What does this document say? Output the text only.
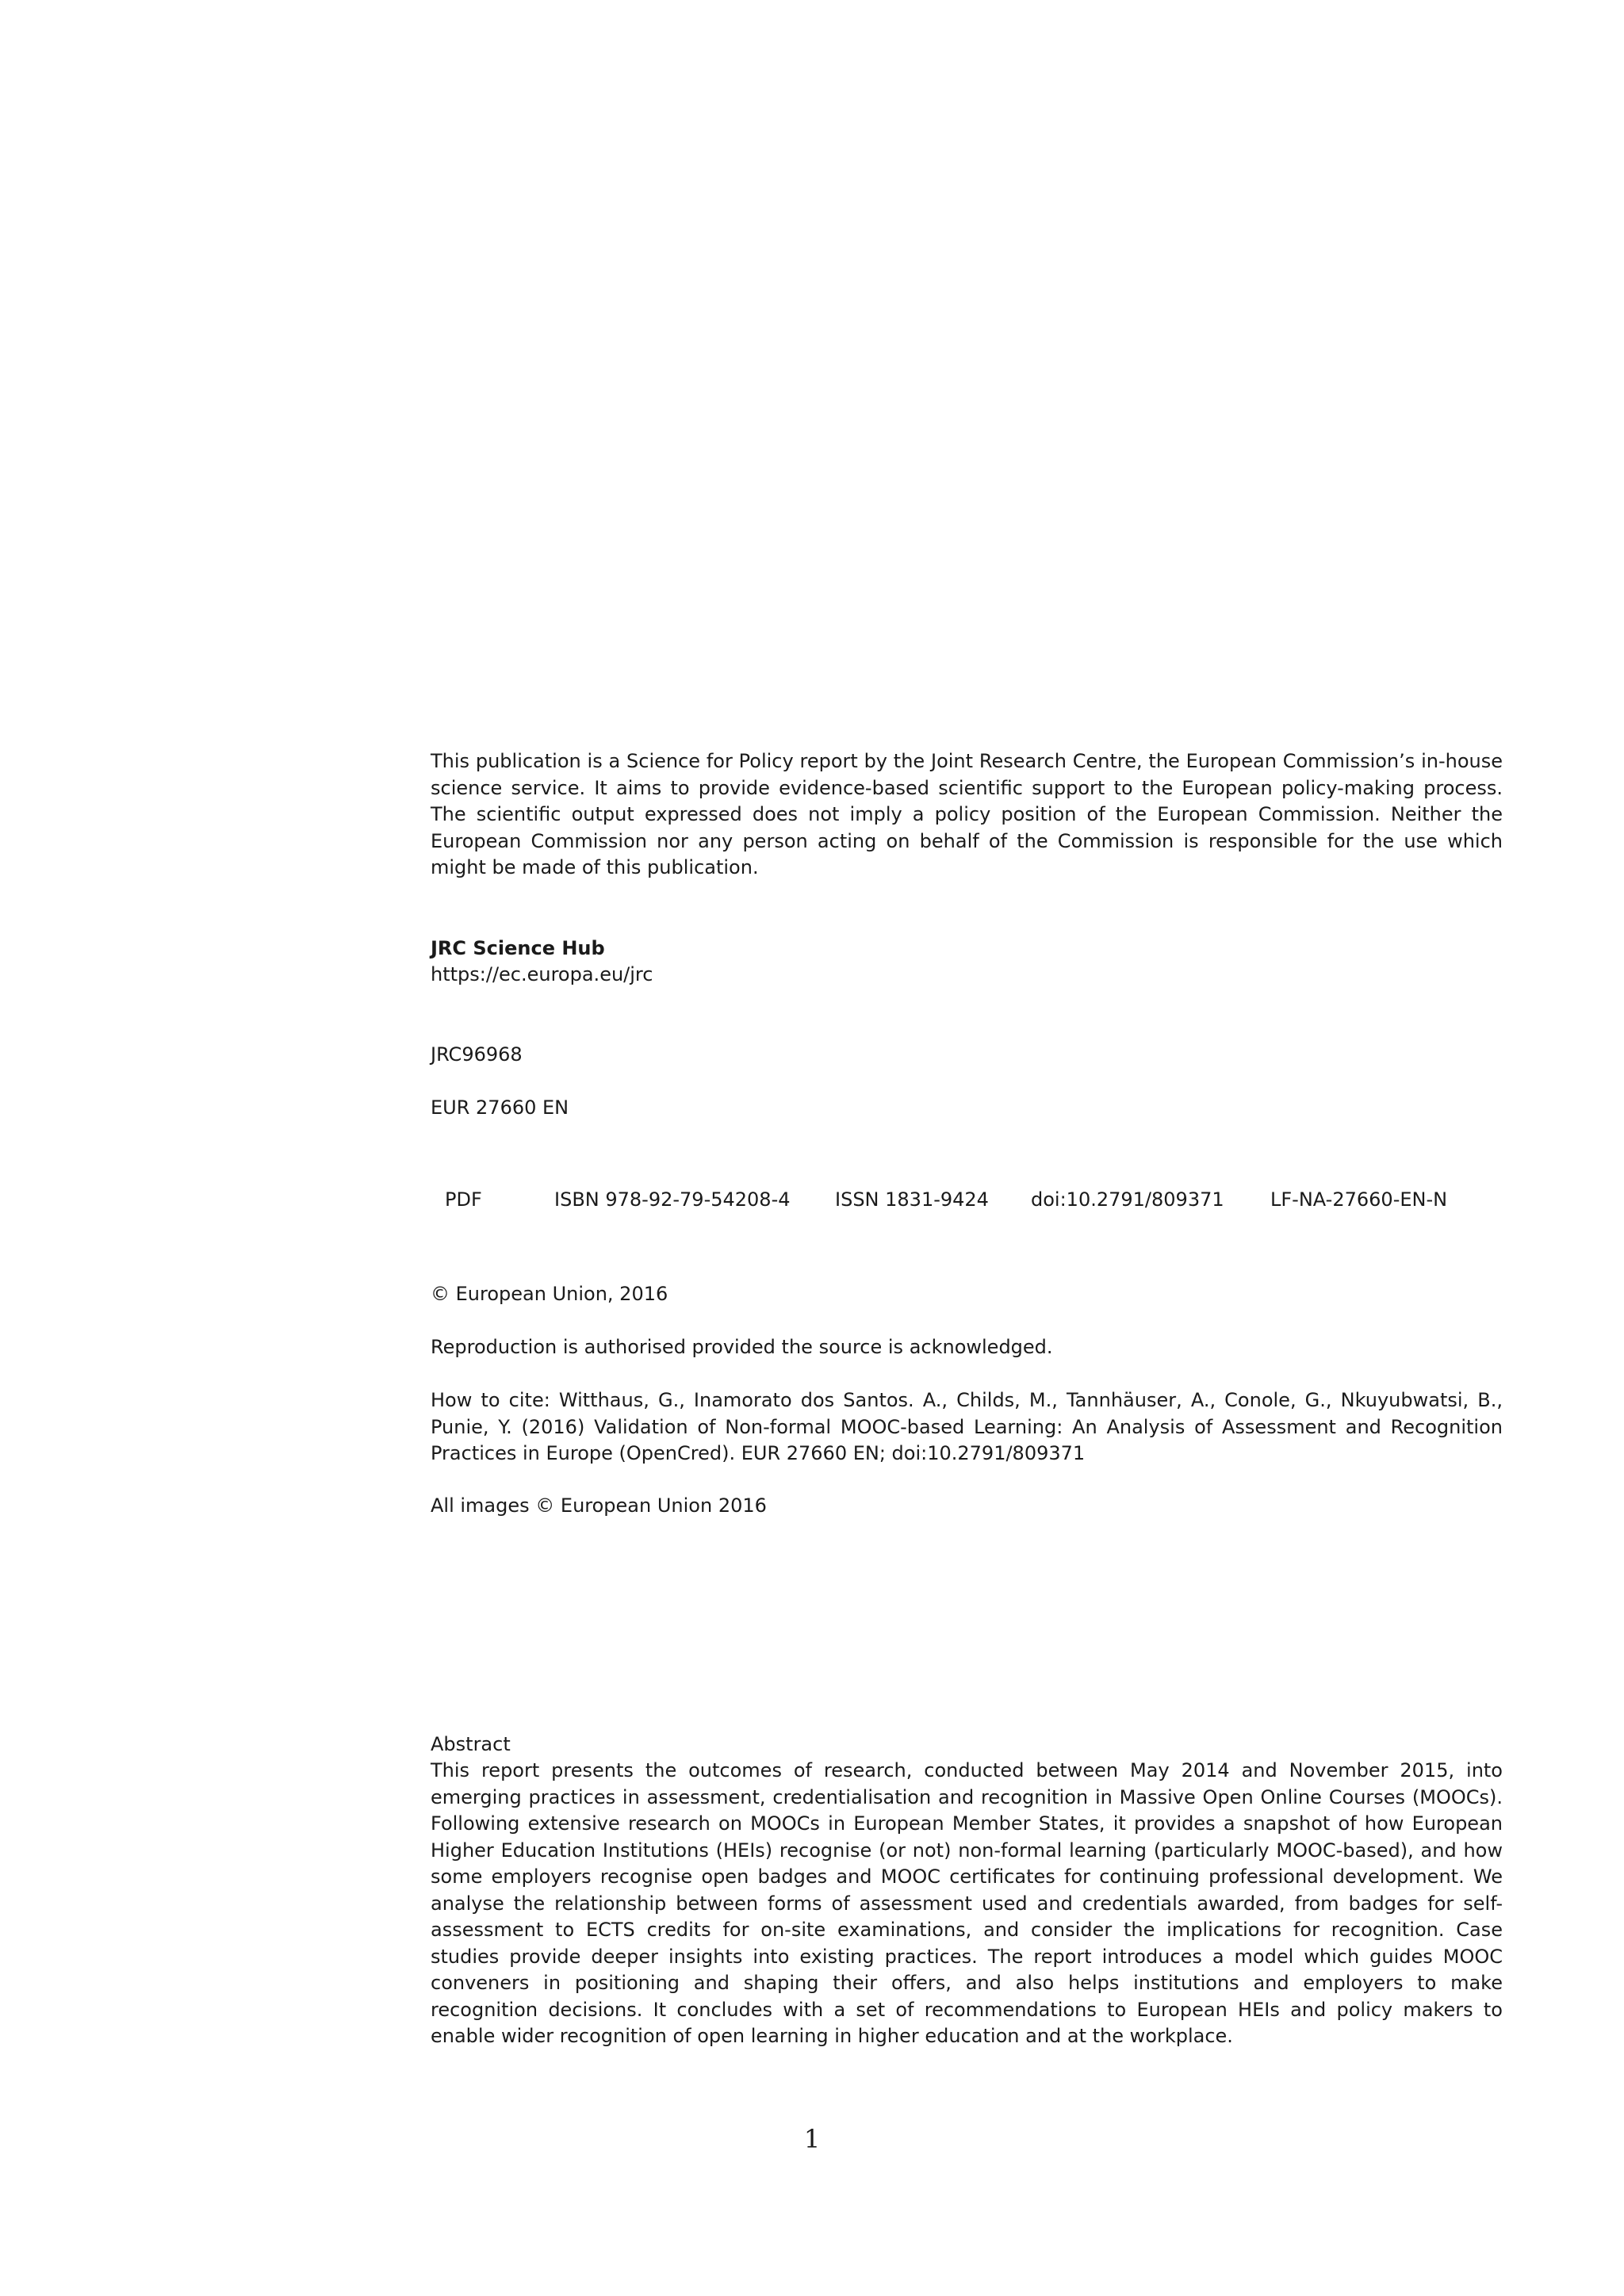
This publication is a Science for Policy report by the Joint Research Centre, the European Commission’s in-house science service. It aims to provide evidence-based scientific support to the European policy-making process. The scientific output expressed does not imply a policy position of the European Commission. Neither the European Commission nor any person acting on behalf of the Commission is responsible for the use which might be made of this publication.

JRC Science Hub

https://ec.europa.eu/jrc

JRC96968

EUR 27660 EN

PDF	ISBN 978-92-79-54208-4 ISSN 1831-9424 doi:10.2791/809371 LF-NA-27660-EN-N

© European Union, 2016

Reproduction is authorised provided the source is acknowledged.

How to cite: Witthaus, G., Inamorato dos Santos. A., Childs, M., Tannhäuser, A., Conole, G., Nkuyubwatsi, B., Punie, Y. (2016) Validation of Non-formal MOOC-based Learning: An Analysis of Assessment and Recognition Practices in Europe (OpenCred). EUR 27660 EN; doi:10.2791/809371

All images © European Union 2016

Abstract

This report presents the outcomes of research, conducted between May 2014 and November 2015, into emerging practices in assessment, credentialisation and recognition in Massive Open Online Courses (MOOCs). Following extensive research on MOOCs in European Member States, it provides a snapshot of how European Higher Education Institutions (HEIs) recognise (or not) non-formal learning (particularly MOOC-based), and how some employers recognise open badges and MOOC certificates for continuing professional development. We analyse the relationship between forms of assessment used and credentials awarded, from badges for self-assessment to ECTS credits for on-site examinations, and consider the implications for recognition. Case studies provide deeper insights into existing practices. The report introduces a model which guides MOOC conveners in positioning and shaping their offers, and also helps institutions and employers to make recognition decisions. It concludes with a set of recommendations to European HEIs and policy makers to enable wider recognition of open learning in higher education and at the workplace.

1
